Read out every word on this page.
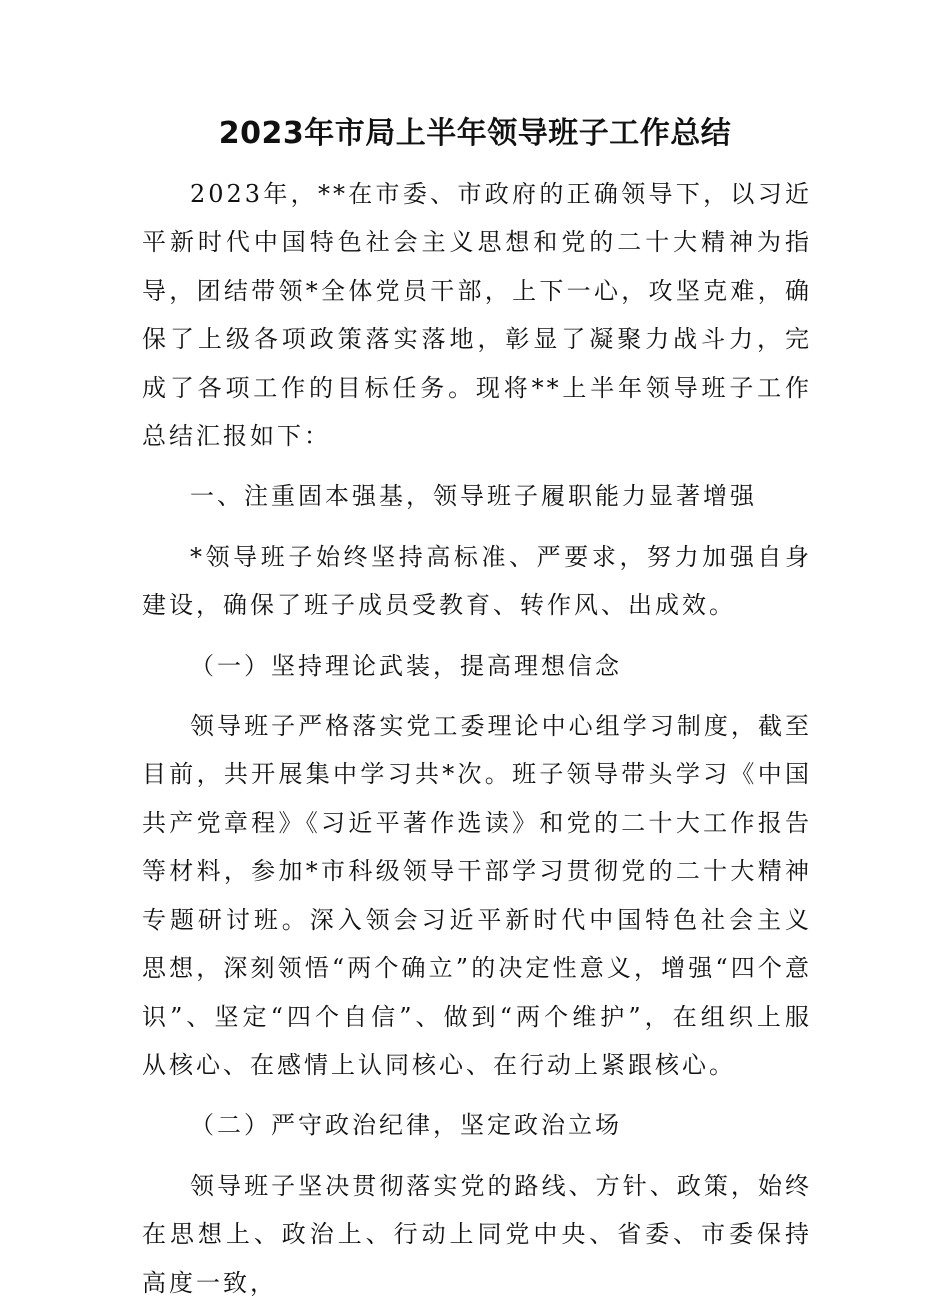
2023年市局上半年领导班子工作总结

2023年，**在市委、市政府的正确领导下，以习近平新时代中国特色社会主义思想和党的二十大精神为指导，团结带领*全体党员干部，上下一心，攻坚克难，确保了上级各项政策落实落地，彰显了凝聚力战斗力，完成了各项工作的目标任务。现将**上半年领导班子工作总结汇报如下：

一、注重固本强基，领导班子履职能力显著增强

*领导班子始终坚持高标准、严要求，努力加强自身建设，确保了班子成员受教育、转作风、出成效。

（一）坚持理论武装，提高理想信念

领导班子严格落实党工委理论中心组学习制度，截至目前，共开展集中学习共*次。班子领导带头学习《中国共产党章程》《习近平著作选读》和党的二十大工作报告等材料，参加*市科级领导干部学习贯彻党的二十大精神专题研讨班。深入领会习近平新时代中国特色社会主义思想，深刻领悟“两个确立”的决定性意义，增强“四个意识”、坚定“四个自信”、做到“两个维护”，在组织上服从核心、在感情上认同核心、在行动上紧跟核心。

（二）严守政治纪律，坚定政治立场

领导班子坚决贯彻落实党的路线、方针、政策，始终在思想上、政治上、行动上同党中央、省委、市委保持高度一致，
